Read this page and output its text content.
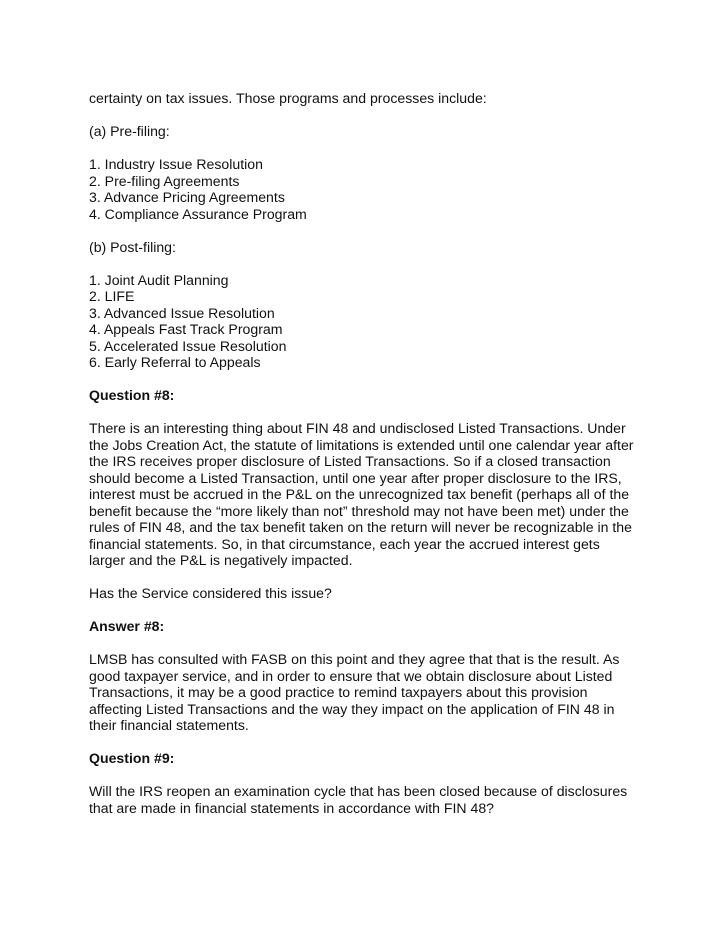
certainty on tax issues. Those programs and processes include:

(a) Pre-filing:

1. Industry Issue Resolution
2. Pre-filing Agreements
3. Advance Pricing Agreements
4. Compliance Assurance Program

(b) Post-filing:

1. Joint Audit Planning
2. LIFE
3. Advanced Issue Resolution
4. Appeals Fast Track Program
5. Accelerated Issue Resolution
6. Early Referral to Appeals

Question #8:

There is an interesting thing about FIN 48 and undisclosed Listed Transactions. Under the Jobs Creation Act, the statute of limitations is extended until one calendar year after the IRS receives proper disclosure of Listed Transactions. So if a closed transaction should become a Listed Transaction, until one year after proper disclosure to the IRS, interest must be accrued in the P&L on the unrecognized tax benefit (perhaps all of the benefit because the “more likely than not” threshold may not have been met) under the rules of FIN 48, and the tax benefit taken on the return will never be recognizable in the financial statements. So, in that circumstance, each year the accrued interest gets larger and the P&L is negatively impacted.

Has the Service considered this issue?

Answer #8:

LMSB has consulted with FASB on this point and they agree that that is the result. As good taxpayer service, and in order to ensure that we obtain disclosure about Listed Transactions, it may be a good practice to remind taxpayers about this provision affecting Listed Transactions and the way they impact on the application of FIN 48 in their financial statements.

Question #9:

Will the IRS reopen an examination cycle that has been closed because of disclosures that are made in financial statements in accordance with FIN 48?
